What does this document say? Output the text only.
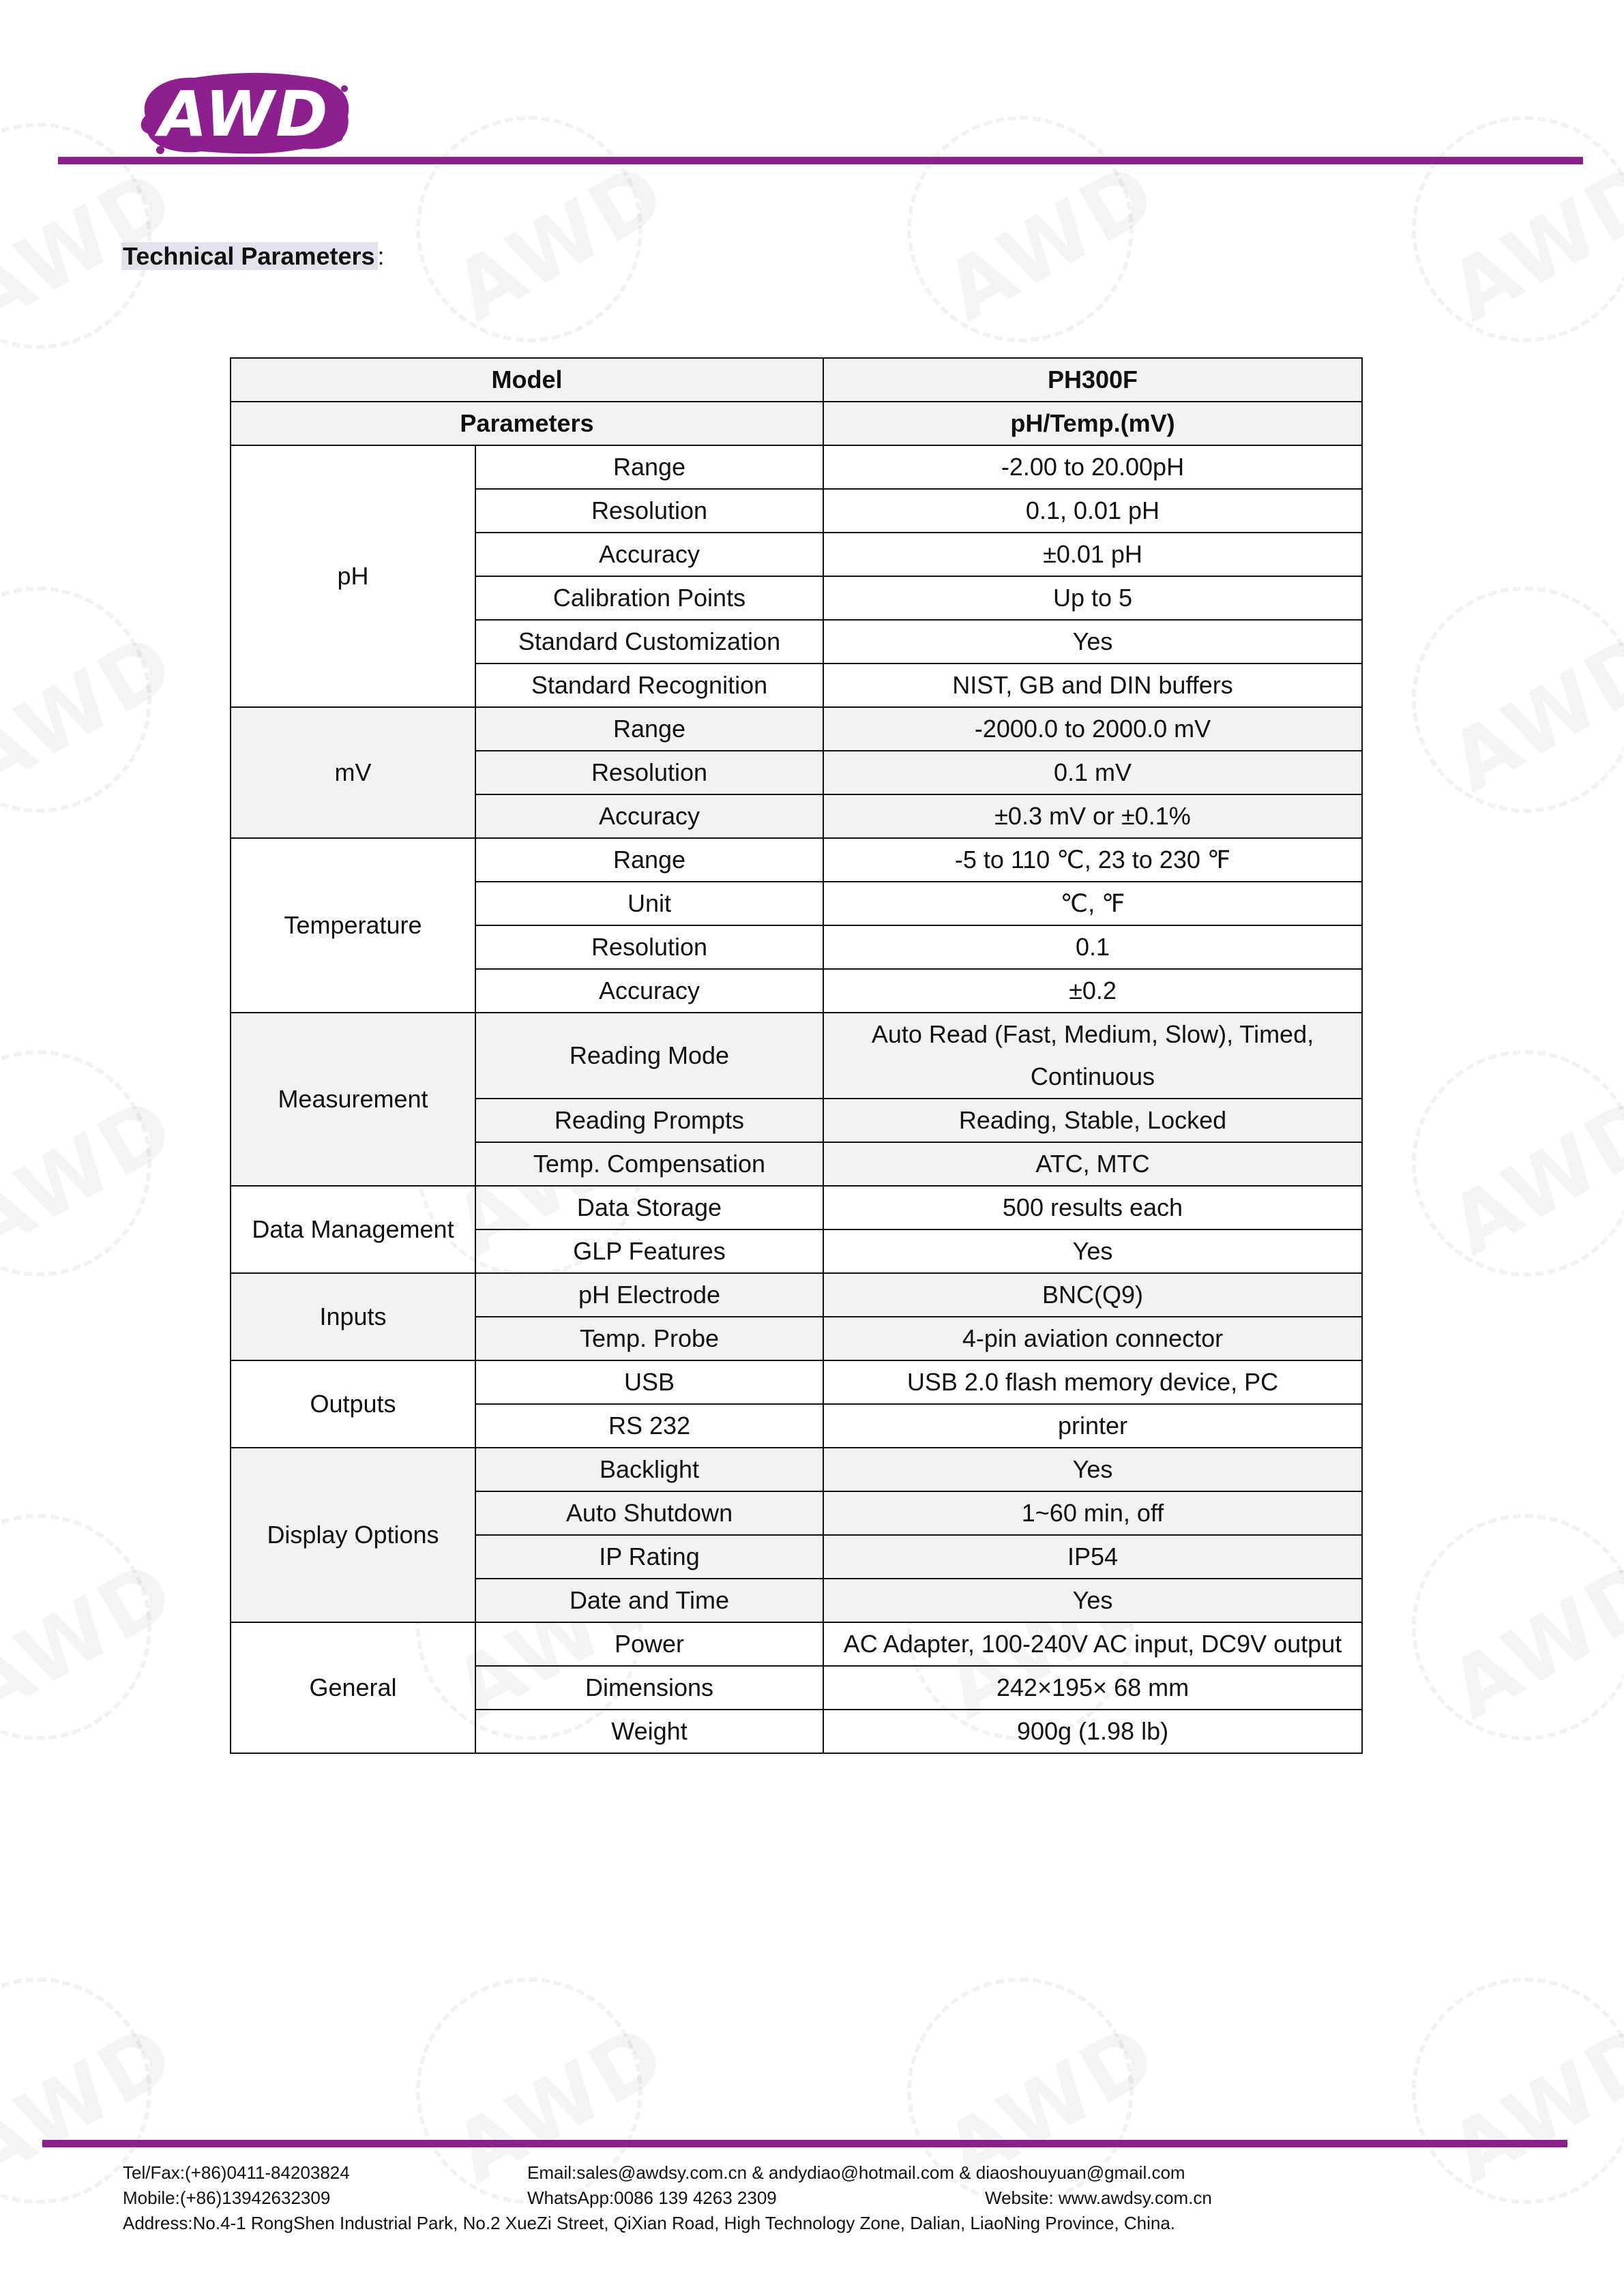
AWD
Technical Parameters :
Model		PH300F
Parameters		pH/Temp.(mV)
pH	Range	-2.00 to 20.00pH
	Resolution	0.1, 0.01 pH
	Accuracy	±0.01 pH
	Calibration Points	Up to 5
	Standard Customization	Yes
	Standard Recognition	NIST, GB and DIN buffers
mV	Range	-2000.0 to 2000.0 mV
	Resolution	0.1 mV
	Accuracy	±0.3 mV or ±0.1%
Temperature	Range	-5 to 110 ℃, 23 to 230 ℉
	Unit	℃, ℉
	Resolution	0.1
	Accuracy	±0.2
Measurement	Reading Mode	Auto Read (Fast, Medium, Slow), Timed, Continuous
	Reading Prompts	Reading, Stable, Locked
	Temp. Compensation	ATC, MTC
Data Management	Data Storage	500 results each
	GLP Features	Yes
Inputs	pH Electrode	BNC(Q9)
	Temp. Probe	4-pin aviation connector
Outputs	USB	USB 2.0 flash memory device, PC
	RS 232	printer
Display Options	Backlight	Yes
	Auto Shutdown	1~60 min, off
	IP Rating	IP54
	Date and Time	Yes
General	Power	AC Adapter, 100-240V AC input, DC9V output
	Dimensions	242×195× 68 mm
	Weight	900g (1.98 lb)
Tel/Fax:(+86)0411-84203824	Email:sales@awdsy.com.cn & andydiao@hotmail.com & diaoshouyuan@gmail.com
Mobile:(+86)13942632309	WhatsApp:0086 139 4263 2309	Website: www.awdsy.com.cn
Address:No.4-1 RongShen Industrial Park, No.2 XueZi Street, QiXian Road, High Technology Zone, Dalian, LiaoNing Province, China.
